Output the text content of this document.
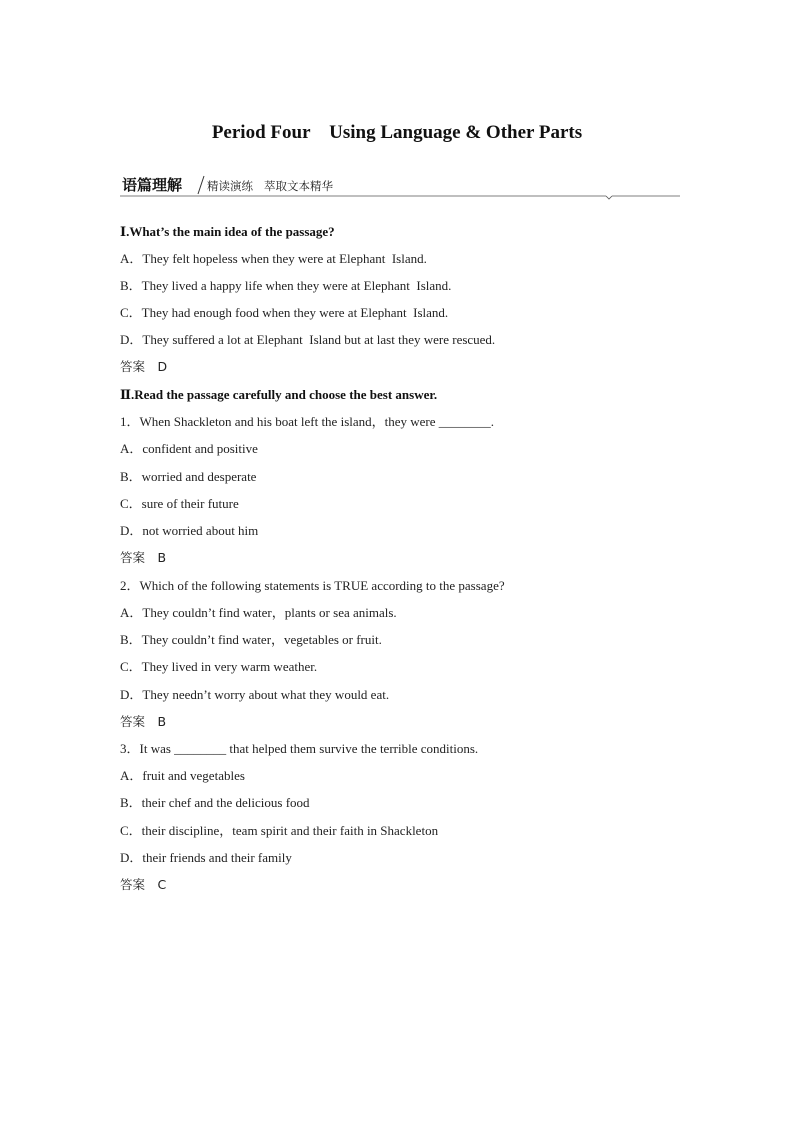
Period Four    Using Language & Other Parts
语篇理解 精读演练   萃取文本精华
Ⅰ.What’s the main idea of the passage?
A．They felt hopeless when they were at Elephant  Island.
B．They lived a happy life when they were at Elephant  Island.
C．They had enough food when they were at Elephant  Island.
D．They suffered a lot at Elephant  Island but at last they were rescued.
答案　D
Ⅱ.Read the passage carefully and choose the best answer.
1．When Shackleton and his boat left the island，they were ________.
A．confident and positive
B．worried and desperate
C．sure of their future
D．not worried about him
答案　B
2．Which of the following statements is TRUE according to the passage?
A．They couldn’t find water，plants or sea animals.
B．They couldn’t find water，vegetables or fruit.
C．They lived in very warm weather.
D．They needn’t worry about what they would eat.
答案　B
3．It was ________ that helped them survive the terrible conditions.
A．fruit and vegetables
B．their chef and the delicious food
C．their discipline，team spirit and their faith in Shackleton
D．their friends and their family
答案　C
